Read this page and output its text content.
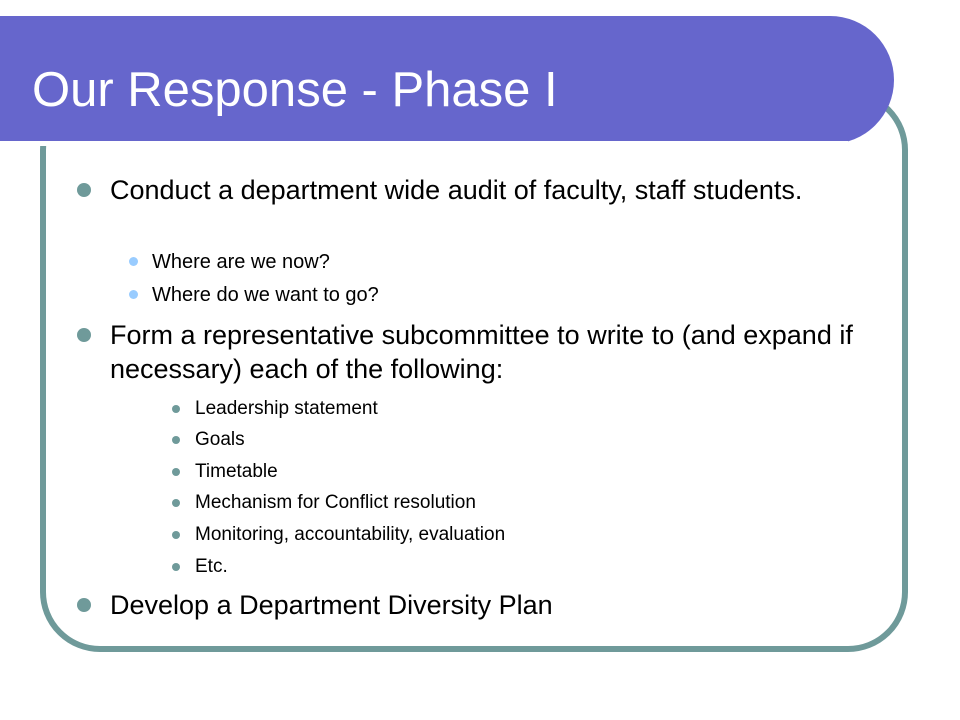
Our Response - Phase I

Conduct a department wide audit of faculty, staff students.

Where are we now?

Where do we want to go?

Form a representative subcommittee to write to (and expand if necessary) each of the following:

Leadership statement

Goals

Timetable

Mechanism for Conflict resolution

Monitoring, accountability, evaluation

Etc.

Develop a Department Diversity Plan
